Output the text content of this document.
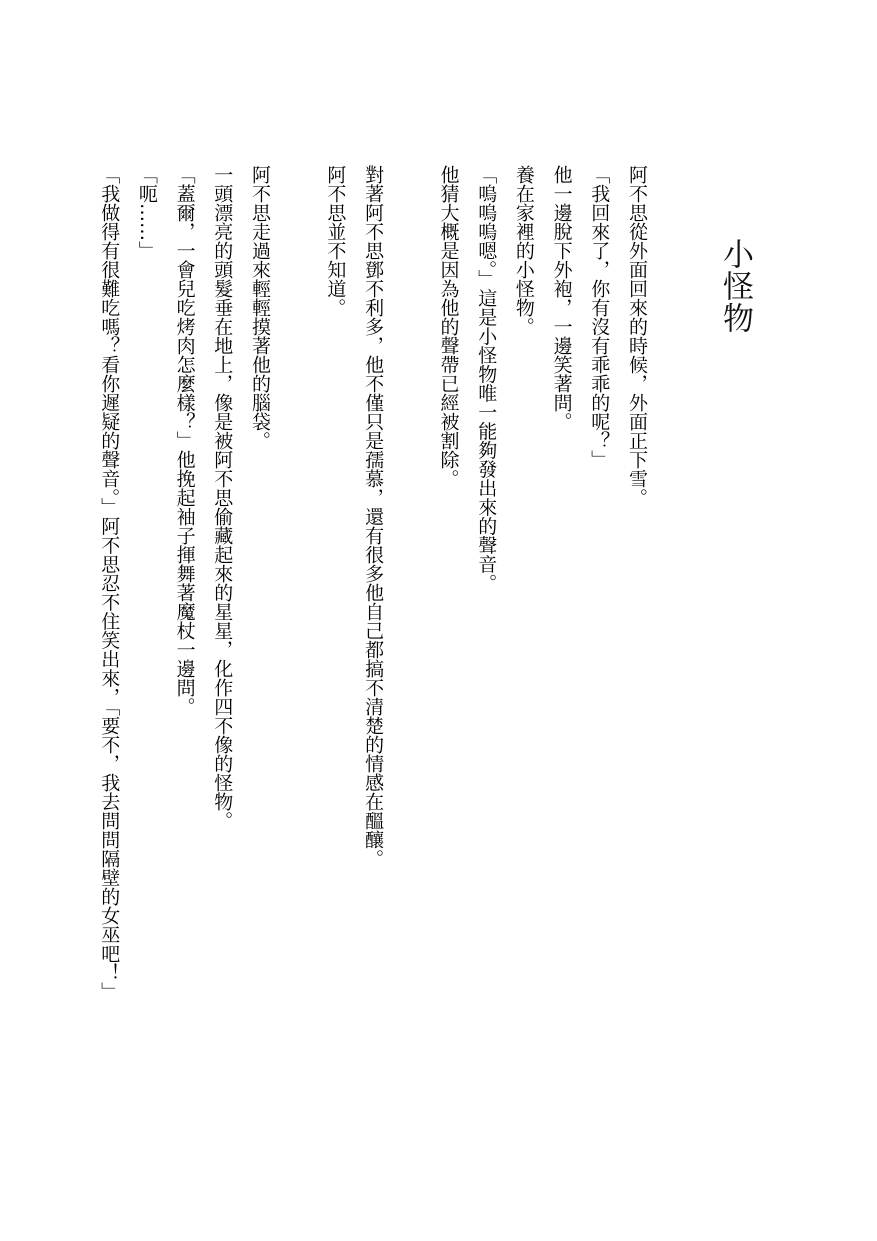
小怪物
阿不思從外面回來的時候，外面正下雪。
「我回來了，你有沒有乖乖的呢？」
他一邊脫下外袍，一邊笑著問。
養在家裡的小怪物。
「嗚嗚嗚嗯。」這是小怪物唯一能夠發出來的聲音。
他猜大概是因為他的聲帶已經被割除。
對著阿不思鄧不利多，他不僅只是孺慕，還有很多他自己都搞不清楚的情感在醞釀。
阿不思並不知道。
阿不思走過來輕輕摸著他的腦袋。
一頭漂亮的頭髮垂在地上，像是被阿不思偷藏起來的星星，化作四不像的怪物。
「蓋爾，一會兒吃烤肉怎麼樣？」他挽起袖子揮舞著魔杖一邊問。
「呃……」
「我做得有很難吃嗎？看你遲疑的聲音。」阿不思忍不住笑出來，「要不，我去問問隔壁的女巫吧！」
